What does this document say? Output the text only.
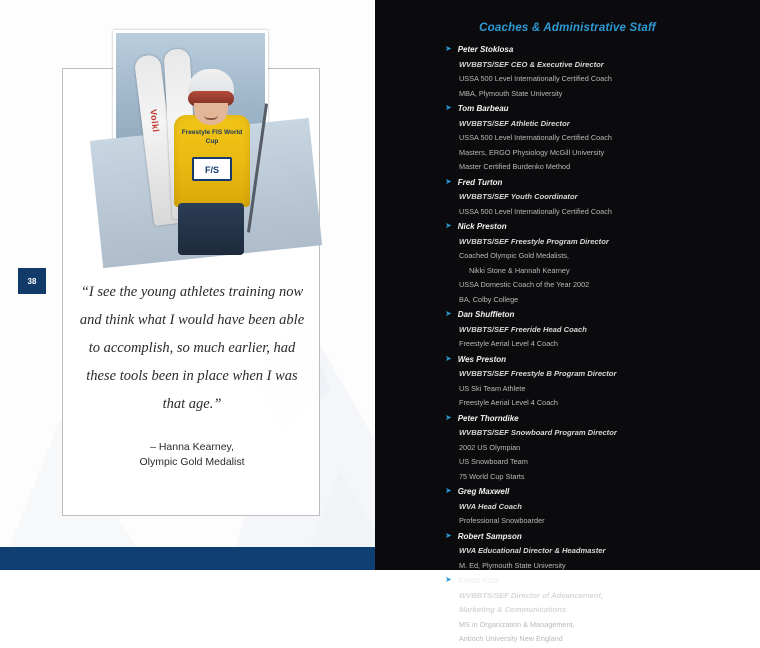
Volkl	Freestyle FIS World Cup
F/S
“I see the young athletes training now and think what I would have been able to accomplish, so much earlier, had these tools been in place when I was that age.”
– Hanna Kearney,
Olympic Gold Medalist
38
Coaches & Administrative Staff
➤ Peter Stoklosa
WVBBTS/SEF CEO & Executive Director
USSA 500 Level Internationally Certified Coach
MBA, Plymouth State University
➤ Tom Barbeau
WVBBTS/SEF Athletic Director
USSA 500 Level Internationally Certified Coach
Masters, ERGO Physiology McGill University
Master Certified Burdenko Method
➤ Fred Turton
WVBBTS/SEF Youth Coordinator
USSA 500 Level Internationally Certified Coach
➤ Nick Preston
WVBBTS/SEF Freestyle Program Director
Coached Olympic Gold Medalists,
Nikki Stone & Hannah Kearney
USSA Domestic Coach of the Year 2002
BA, Colby College
➤ Dan Shuffleton
WVBBTS/SEF Freeride Head Coach
Freestyle Aerial Level 4 Coach
➤ Wes Preston
WVBBTS/SEF Freestyle B Program Director
US Ski Team Athlete
Freestyle Aerial Level 4 Coach
➤ Peter Thorndike
WVBBTS/SEF Snowboard Program Director
2002 US Olympian
US Snowboard Team
75 World Cup Starts
➤ Greg Maxwell
WVA Head Coach
Professional Snowboarder
➤ Robert Sampson
WVA Educational Director & Headmaster
M. Ed, Plymouth State University
➤ Krista Katz
WVBBTS/SEF Director of Advancement,
Marketing & Communications
MS in Organization & Management,
Antioch University New England
